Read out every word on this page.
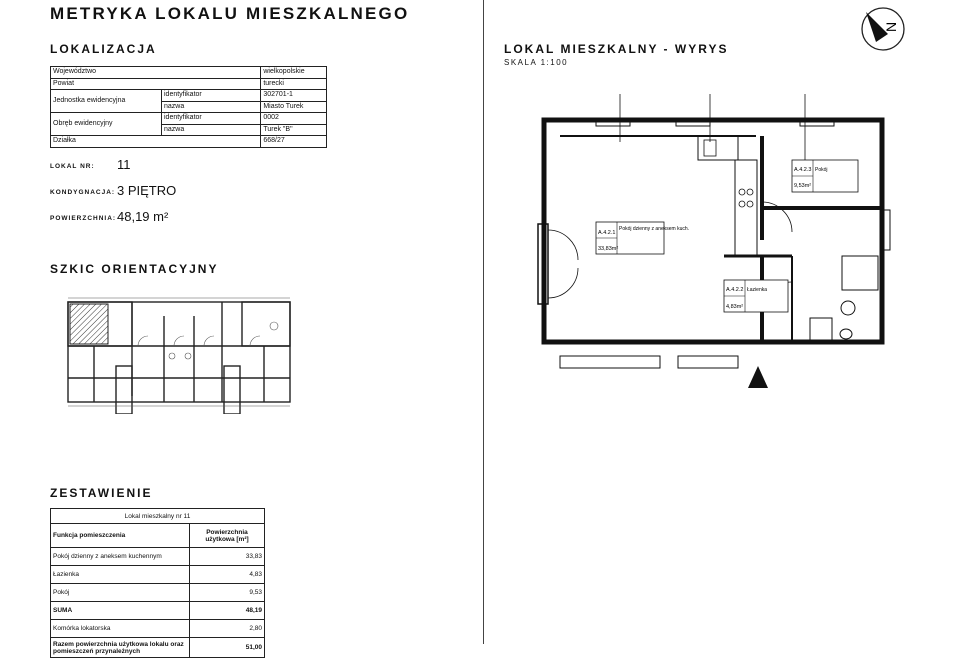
METRYKA LOKALU MIESZKALNEGO
LOKALIZACJA
Województwo		wielkopolskie
Powiat		turecki
Jednostka ewidencyjna	identyfikator	302701-1
	nazwa	Miasto Turek
Obręb ewidencyjny	identyfikator	0002
	nazwa	Turek "B"
Działka		668/27
LOKAL NR: 11
KONDYGNACJA: 3 PIĘTRO
POWIERZCHNIA: 48,19 m²
SZKIC ORIENTACYJNY
ZESTAWIENIE
Lokal mieszkalny nr 11	
Funkcja pomieszczenia	Powierzchnia użytkowa [m²]
Pokój dzienny z aneksem kuchennym	33,83
Łazienka	4,83
Pokój	9,53
SUMA	48,19
Komórka lokatorska	2,80
Razem powierzchnia użytkowa lokalu oraz pomieszczeń przynależnych	51,00
N
LOKAL MIESZKALNY - WYRYS
SKALA 1:100
A.4.2.1
Pokój dzienny z aneksem kuch.
33,83m²
A.4.2.2 Łazienka
4,83m²
A.4.2.3 Pokój
9,53m²
